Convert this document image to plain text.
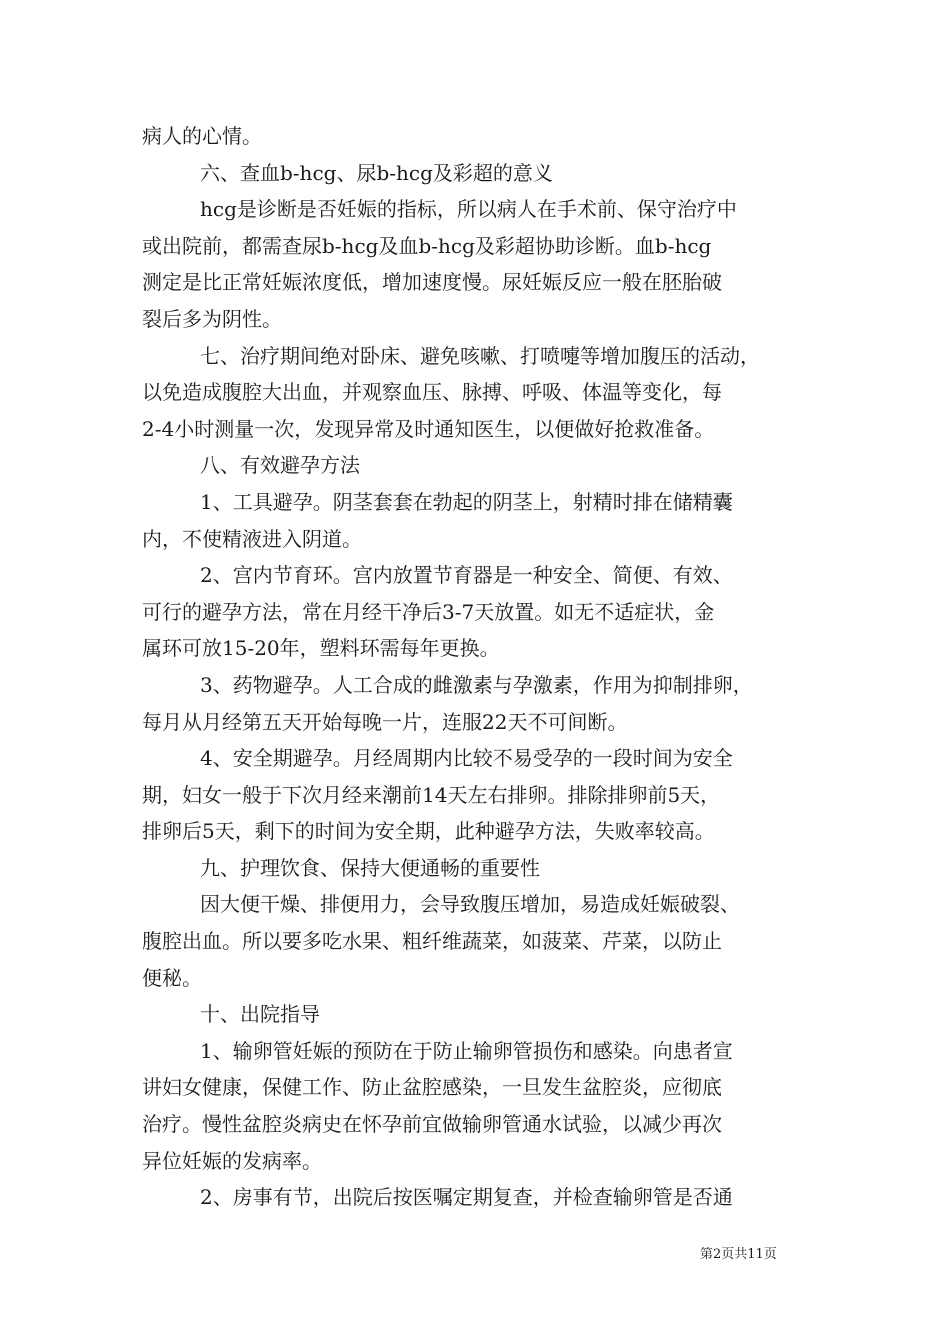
病人的心情。
六、查血b-hcg、尿b-hcg及彩超的意义
hcg是诊断是否妊娠的指标，所以病人在手术前、保守治疗中
或出院前，都需查尿b-hcg及血b-hcg及彩超协助诊断。血b-hcg
测定是比正常妊娠浓度低，增加速度慢。尿妊娠反应一般在胚胎破
裂后多为阴性。
七、治疗期间绝对卧床、避免咳嗽、打喷嚏等增加腹压的活动，
以免造成腹腔大出血，并观察血压、脉搏、呼吸、体温等变化，每
2-4小时测量一次，发现异常及时通知医生，以便做好抢救准备。
八、有效避孕方法
1、工具避孕。阴茎套套在勃起的阴茎上，射精时排在储精囊
内，不使精液进入阴道。
2、宫内节育环。宫内放置节育器是一种安全、简便、有效、
可行的避孕方法，常在月经干净后3-7天放置。如无不适症状，金
属环可放15-20年，塑料环需每年更换。
3、药物避孕。人工合成的雌激素与孕激素，作用为抑制排卵，
每月从月经第五天开始每晚一片，连服22天不可间断。
4、安全期避孕。月经周期内比较不易受孕的一段时间为安全
期，妇女一般于下次月经来潮前14天左右排卵。排除排卵前5天，
排卵后5天，剩下的时间为安全期，此种避孕方法，失败率较高。
九、护理饮食、保持大便通畅的重要性
因大便干燥、排便用力，会导致腹压增加，易造成妊娠破裂、
腹腔出血。所以要多吃水果、粗纤维蔬菜，如菠菜、芹菜，以防止
便秘。
十、出院指导
1、输卵管妊娠的预防在于防止输卵管损伤和感染。向患者宣
讲妇女健康，保健工作、防止盆腔感染，一旦发生盆腔炎，应彻底
治疗。慢性盆腔炎病史在怀孕前宜做输卵管通水试验，以减少再次
异位妊娠的发病率。
2、房事有节，出院后按医嘱定期复查，并检查输卵管是否通
第2页共11页
